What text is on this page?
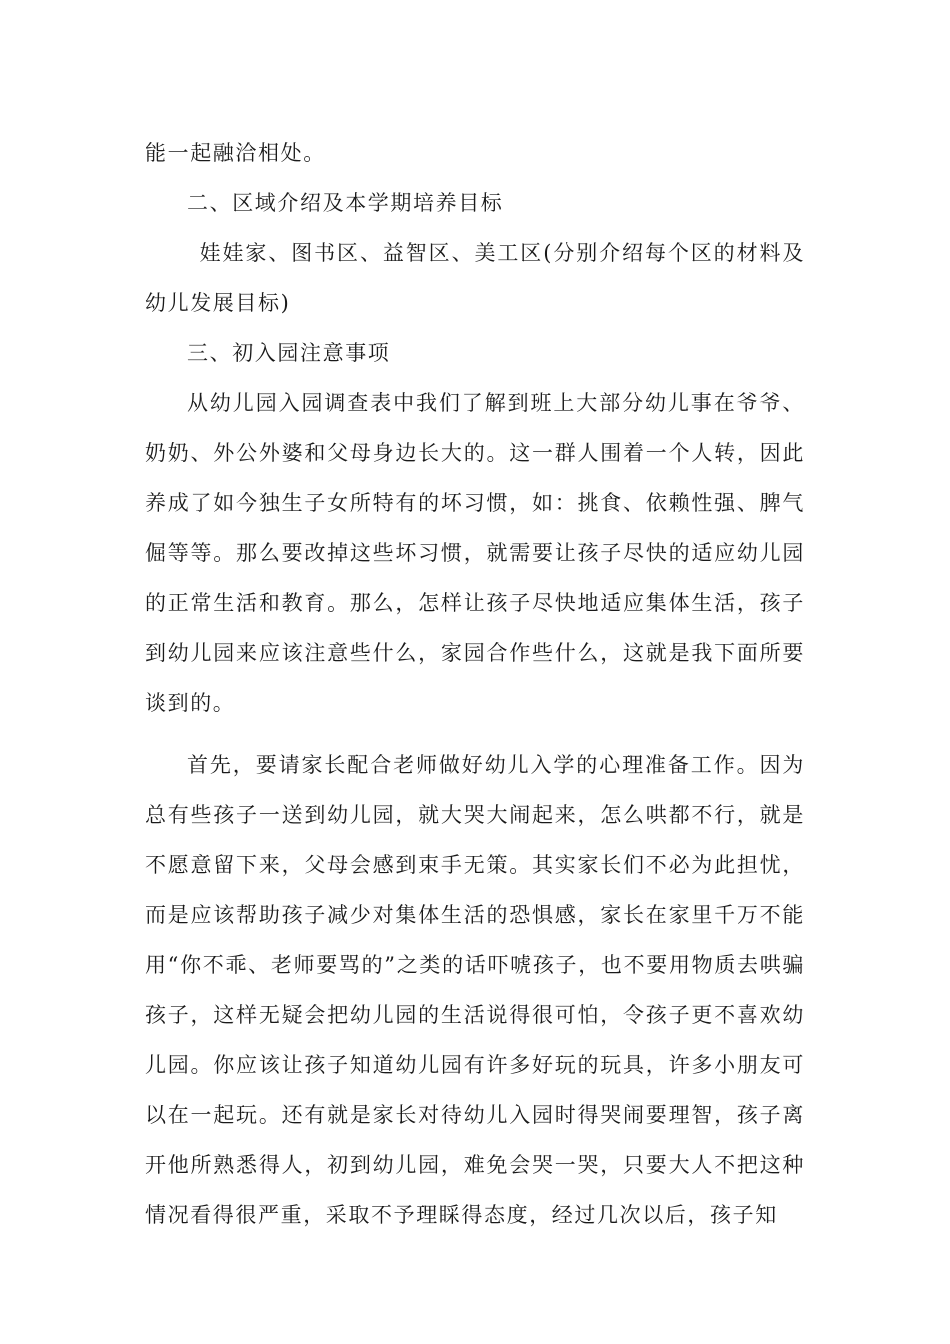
能一起融洽相处。

二、区域介绍及本学期培养目标

娃娃家、图书区、益智区、美工区(分别介绍每个区的材料及幼儿发展目标)

三、初入园注意事项

从幼儿园入园调查表中我们了解到班上大部分幼儿事在爷爷、奶奶、外公外婆和父母身边长大的。这一群人围着一个人转，因此养成了如今独生子女所特有的坏习惯，如：挑食、依赖性强、脾气倔等等。那么要改掉这些坏习惯，就需要让孩子尽快的适应幼儿园的正常生活和教育。那么，怎样让孩子尽快地适应集体生活，孩子到幼儿园来应该注意些什么，家园合作些什么，这就是我下面所要谈到的。

首先，要请家长配合老师做好幼儿入学的心理准备工作。因为总有些孩子一送到幼儿园，就大哭大闹起来，怎么哄都不行，就是不愿意留下来，父母会感到束手无策。其实家长们不必为此担忧，而是应该帮助孩子减少对集体生活的恐惧感，家长在家里千万不能用“你不乖、老师要骂的”之类的话吓唬孩子，也不要用物质去哄骗孩子，这样无疑会把幼儿园的生活说得很可怕，令孩子更不喜欢幼儿园。你应该让孩子知道幼儿园有许多好玩的玩具，许多小朋友可以在一起玩。还有就是家长对待幼儿入园时得哭闹要理智，孩子离开他所熟悉得人，初到幼儿园，难免会哭一哭，只要大人不把这种情况看得很严重，采取不予理睬得态度，经过几次以后，孩子知
